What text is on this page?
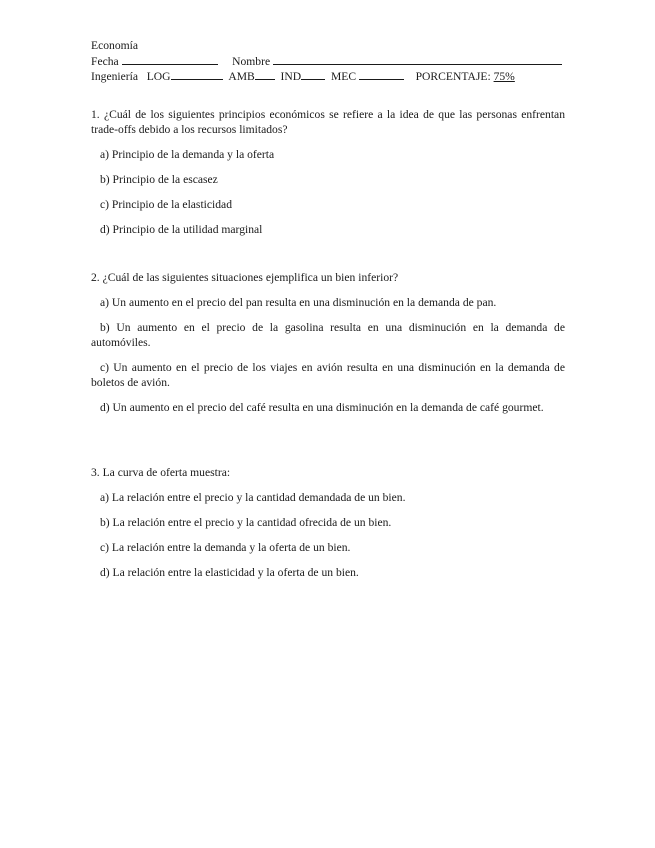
Economía
Fecha	Nombre
Ingeniería LOG	AMB IND	MEC	PORCENTAJE: 75%

1. ¿Cuál de los siguientes principios económicos se refiere a la idea de que las personas enfrentan trade-offs debido a los recursos limitados?

a) Principio de la demanda y la oferta

b) Principio de la escasez

c) Principio de la elasticidad

d) Principio de la utilidad marginal

2. ¿Cuál de las siguientes situaciones ejemplifica un bien inferior?

a) Un aumento en el precio del pan resulta en una disminución en la demanda de pan.

b) Un aumento en el precio de la gasolina resulta en una disminución en la demanda de automóviles.

c) Un aumento en el precio de los viajes en avión resulta en una disminución en la demanda de boletos de avión.

d) Un aumento en el precio del café resulta en una disminución en la demanda de café gourmet.

3. La curva de oferta muestra:

a) La relación entre el precio y la cantidad demandada de un bien.

b) La relación entre el precio y la cantidad ofrecida de un bien.

c) La relación entre la demanda y la oferta de un bien.

d) La relación entre la elasticidad y la oferta de un bien.
